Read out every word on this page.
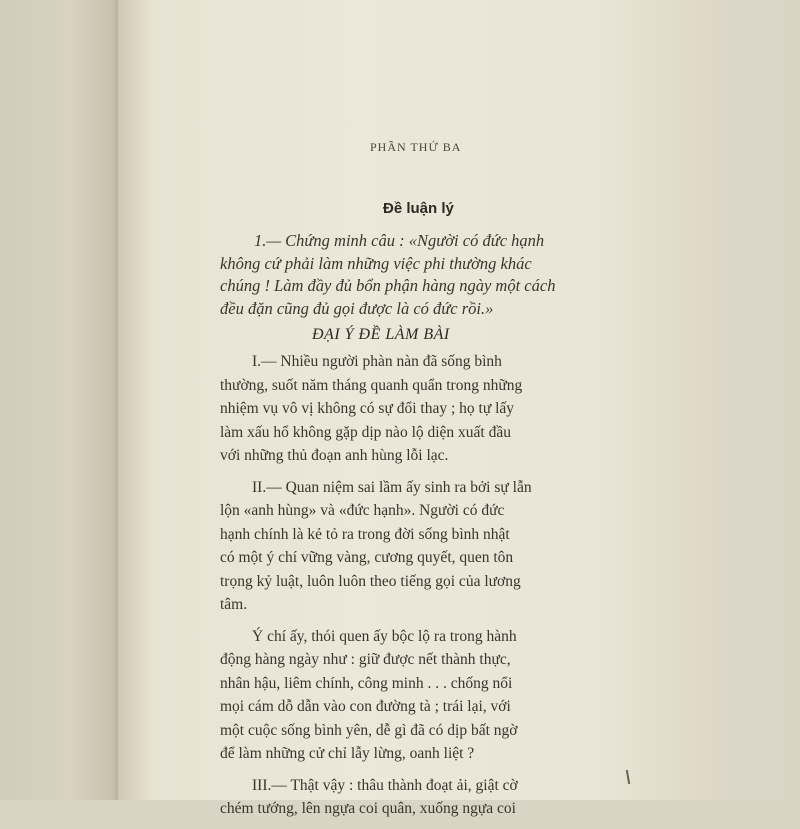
PHẦN THỨ BA
Đề luận lý

1.— Chứng minh câu : «Người có đức hạnh
không cứ phải làm những việc phi thường khác
chúng ! Làm đầy đủ bổn phận hàng ngày một cách
đều đặn cũng đủ gọi được là có đức rồi.»

ĐẠI Ý ĐỀ LÀM BÀI

I.— Nhiều người phàn nàn đã sống bình
thường, suốt năm tháng quanh quẩn trong những
nhiệm vụ vô vị không có sự đổi thay ; họ tự lấy
làm xấu hổ không gặp dịp nào lộ diện xuất đầu
với những thủ đoạn anh hùng lỗi lạc.

II.— Quan niệm sai lầm ấy sinh ra bởi sự lẫn
lộn «anh hùng» và «đức hạnh». Người có đức
hạnh chính là kẻ tỏ ra trong đời sống bình nhật
có một ý chí vững vàng, cương quyết, quen tôn
trọng kỷ luật, luôn luôn theo tiếng gọi của lương
tâm.

Ý chí ấy, thói quen ấy bộc lộ ra trong hành
động hàng ngày như : giữ được nết thành thực,
nhân hậu, liêm chính, công minh . . . chống nổi
mọi cám dỗ dẫn vào con đường tà ; trái lại, với
một cuộc sống bình yên, dễ gì đã có dịp bất ngờ
để làm những cử chỉ lẫy lừng, oanh liệt ?

III.— Thật vậy : thâu thành đoạt ải, giật cờ
chém tướng, lên ngựa coi quân, xuống ngựa coi
